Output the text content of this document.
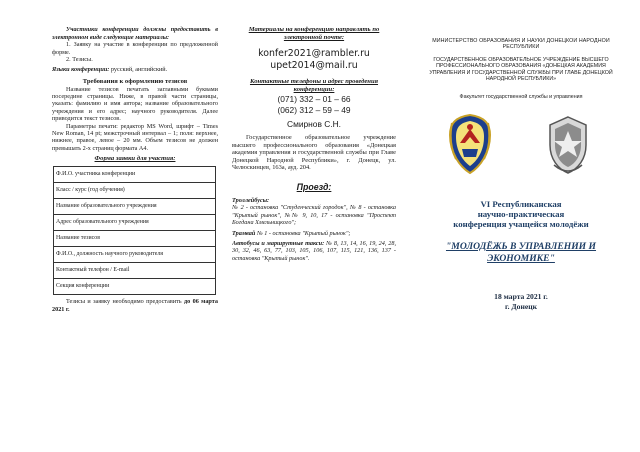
Участники конференции должны предоставить в электронном виде следующие материалы:

1. Заявку на участие в конференции по предложенной форме.

2. Тезисы.

Языки конференции: русский, английский.
Требования к оформлению тезисов

Название тезисов печатать заглавными буквами посередине страницы. Ниже, в правой части страницы, указать: фамилию и имя автора; название образовательного учреждения и его адрес; научного руководителя. Далее приводится текст тезисов.

Параметры печати: редактор MS Word, шрифт – Times New Roman, 14 pt; межстрочный интервал – 1; поля: верхнее, нижнее, правое, левое – 20 мм. Объем тезисов не должен превышать 2-х страниц формата А4.

Форма заявки для участия:
Ф.И.О. участника конференции
Класс / курс (год обучения)
Название образовательного учреждения
Адрес образовательного учреждения
Название тезисов
Ф.И.О., должность научного руководителя
Контактный телефон / E-mail
Секция конференции
Тезисы и заявку необходимо предоставить до 06 марта 2021 г.
Материалы на конференцию направлять по электронной почте:
konfer2021@rambler.ru
upet2014@mail.ru
Контактные телефоны и адрес проведения конференции:
(071) 332 – 01 – 66
(062) 312 – 59 – 49
Смирнов С.Н.
Государственное образовательное учреждение высшего профессионального образования «Донецкая академия управления и государственной службы при Главе Донецкой Народной Республики», г. Донецк, ул. Челюскинцев, 163а, ауд. 204.
Проезд:

Троллейбусы:
№ 2 - остановка "Студенческий городок", № 8 - остановка "Крытый рынок", №№ 9, 10, 17 - остановка "Проспект Богдана Хмельницкого";

Трамвай № 1 - остановка "Крытый рынок";

Автобусы и маршрутные такси: № 8, 13, 14, 16, 19, 24, 28, 30, 32, 46, 63, 77, 103, 105, 106, 107, 115, 121, 136, 137 - остановка "Крытый рынок".

МИНИСТЕРСТВО ОБРАЗОВАНИЯ И НАУКИ ДОНЕЦКОЙ НАРОДНОЙ РЕСПУБЛИКИ
ГОСУДАРСТВЕННОЕ ОБРАЗОВАТЕЛЬНОЕ УЧРЕЖДЕНИЕ ВЫСШЕГО ПРОФЕССИОНАЛЬНОГО ОБРАЗОВАНИЯ «ДОНЕЦКАЯ АКАДЕМИЯ УПРАВЛЕНИЯ И ГОСУДАРСТВЕННОЙ СЛУЖБЫ ПРИ ГЛАВЕ ДОНЕЦКОЙ НАРОДНОЙ РЕСПУБЛИКИ»
Факультет государственной службы и управления
VI Республиканская
научно-практическая
конференция учащейся молодёжи
"МОЛОДЁЖЬ В УПРАВЛЕНИИ И ЭКОНОМИКЕ"
18 марта 2021 г.
г. Донецк
